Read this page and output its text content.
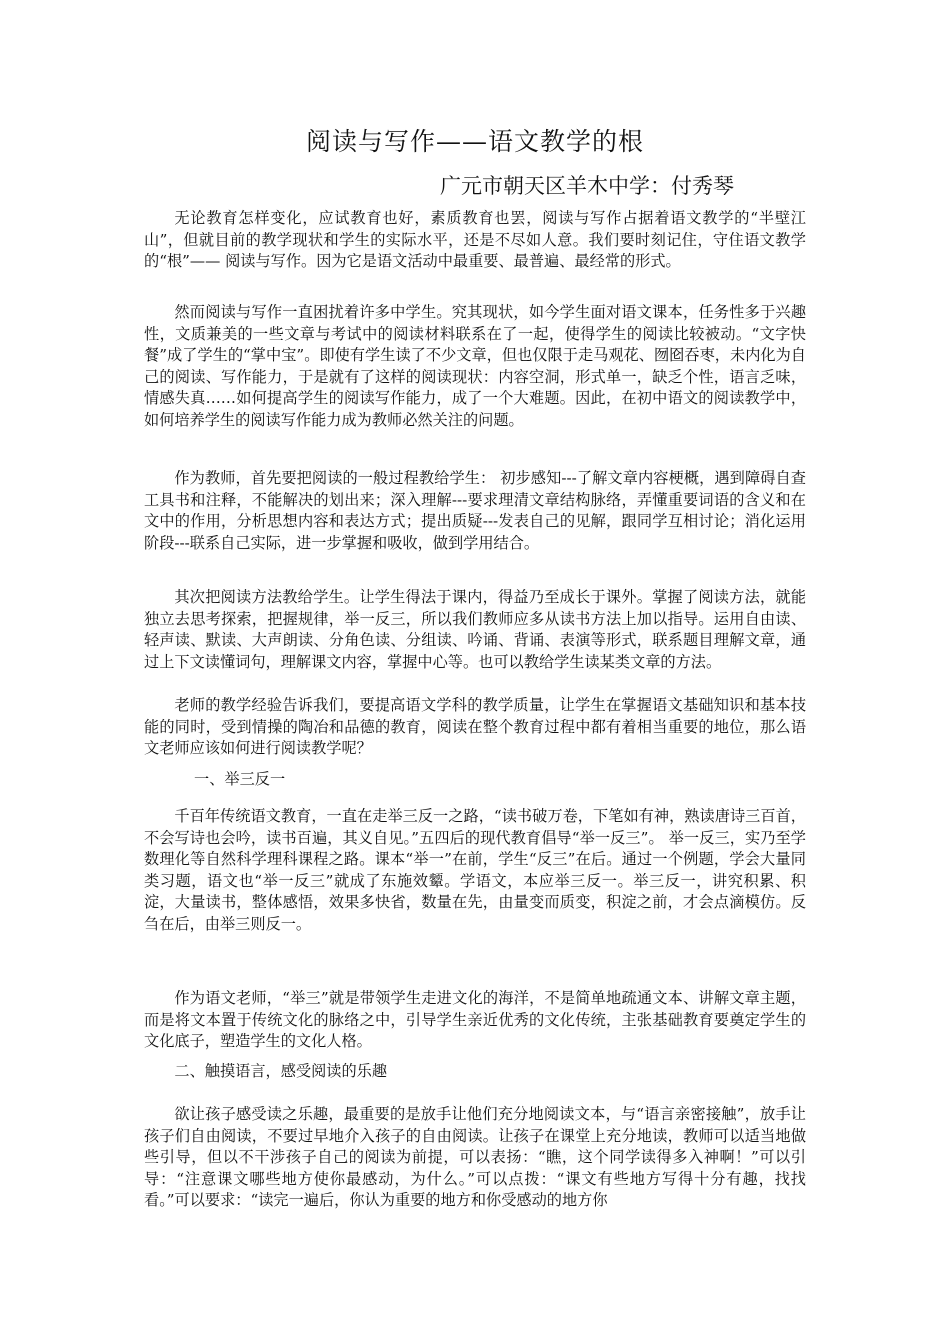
阅读与写作——语文教学的根
广元市朝天区羊木中学：付秀琴

无论教育怎样变化，应试教育也好，素质教育也罢，阅读与写作占据着语文教学的“半壁江山”，但就目前的教学现状和学生的实际水平，还是不尽如人意。我们要时刻记住，守住语文教学的“根”—— 阅读与写作。因为它是语文活动中最重要、最普遍、最经常的形式。

然而阅读与写作一直困扰着许多中学生。究其现状，如今学生面对语文课本，任务性多于兴趣性，文质兼美的一些文章与考试中的阅读材料联系在了一起，使得学生的阅读比较被动。“文字快餐”成了学生的“掌中宝”。即使有学生读了不少文章，但也仅限于走马观花、囫囵吞枣，未内化为自己的阅读、写作能力，于是就有了这样的阅读现状：内容空洞，形式单一，缺乏个性，语言乏味，情感失真……如何提高学生的阅读写作能力，成了一个大难题。因此，在初中语文的阅读教学中，如何培养学生的阅读写作能力成为教师必然关注的问题。

作为教师，首先要把阅读的一般过程教给学生： 初步感知---了解文章内容梗概，遇到障碍自查工具书和注释，不能解决的划出来；深入理解---要求理清文章结构脉络，弄懂重要词语的含义和在文中的作用，分析思想内容和表达方式；提出质疑---发表自己的见解，跟同学互相讨论；消化运用阶段---联系自己实际，进一步掌握和吸收，做到学用结合。

其次把阅读方法教给学生。让学生得法于课内，得益乃至成长于课外。掌握了阅读方法，就能独立去思考探索，把握规律，举一反三，所以我们教师应多从读书方法上加以指导。运用自由读、轻声读、默读、大声朗读、分角色读、分组读、吟诵、背诵、表演等形式，联系题目理解文章，通过上下文读懂词句，理解课文内容，掌握中心等。也可以教给学生读某类文章的方法。

老师的教学经验告诉我们，要提高语文学科的教学质量，让学生在掌握语文基础知识和基本技能的同时，受到情操的陶冶和品德的教育，阅读在整个教育过程中都有着相当重要的地位，那么语文老师应该如何进行阅读教学呢？

一、举三反一

千百年传统语文教育，一直在走举三反一之路，“读书破万卷，下笔如有神，熟读唐诗三百首，不会写诗也会吟，读书百遍，其义自见。”五四后的现代教育倡导“举一反三”。 举一反三，实乃至学数理化等自然科学理科课程之路。课本“举一”在前，学生“反三”在后。通过一个例题，学会大量同类习题，语文也“举一反三”就成了东施效颦。学语文，本应举三反一。举三反一，讲究积累、积淀，大量读书，整体感悟，效果多快省，数量在先，由量变而质变，积淀之前，才会点滴模仿。反刍在后，由举三则反一。

作为语文老师，“举三”就是带领学生走进文化的海洋，不是简单地疏通文本、讲解文章主题，而是将文本置于传统文化的脉络之中，引导学生亲近优秀的文化传统，主张基础教育要奠定学生的文化底子，塑造学生的文化人格。

二、触摸语言，感受阅读的乐趣

欲让孩子感受读之乐趣，最重要的是放手让他们充分地阅读文本，与“语言亲密接触”，放手让孩子们自由阅读，不要过早地介入孩子的自由阅读。让孩子在课堂上充分地读，教师可以适当地做些引导，但以不干涉孩子自己的阅读为前提，可以表扬：“瞧，这个同学读得多入神啊！”可以引导：“注意课文哪些地方使你最感动，为什么。”可以点拨：“课文有些地方写得十分有趣，找找看。”可以要求：“读完一遍后，你认为重要的地方和你受感动的地方你
